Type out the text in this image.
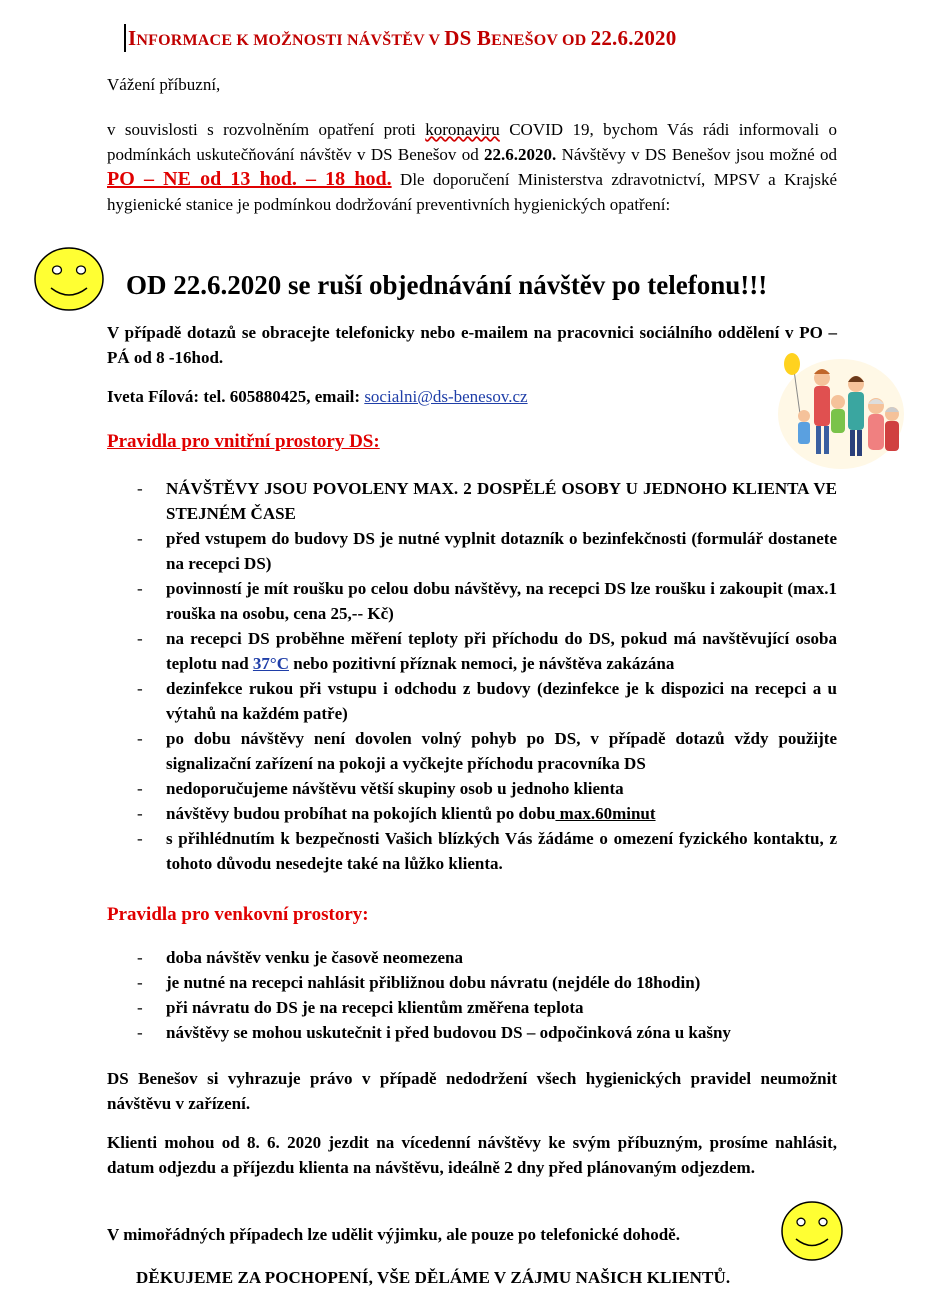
INFORMACE K MOŽNOSTI NÁVŠTĚV V DS BENEŠOV OD 22.6.2020
Vážení příbuzní,
v souvislosti s rozvolněním opatření proti koronaviru COVID 19, bychom Vás rádi informovali o podmínkách uskutečňování návštěv v DS Benešov od 22.6.2020. Návštěvy v DS Benešov jsou možné od PO – NE od 13 hod. – 18 hod. Dle doporučení Ministerstva zdravotnictví, MPSV a Krajské hygienické stanice je podmínkou dodržování preventivních hygienických opatření:
OD 22.6.2020 se ruší objednávání návštěv po telefonu!!!
V případě dotazů se obracejte telefonicky nebo e-mailem na pracovnici sociálního oddělení v PO – PÁ od 8 -16hod.
Iveta Fílová: tel. 605880425, email: socialni@ds-benesov.cz
Pravidla pro vnitřní prostory DS:
- NÁVŠTĚVY JSOU POVOLENY MAX. 2 DOSPĚLÉ OSOBY U JEDNOHO KLIENTA VE STEJNÉM ČASE
- před vstupem do budovy DS je nutné vyplnit dotazník o bezinfekčnosti (formulář dostanete na recepci DS)
- povinností je mít roušku po celou dobu návštěvy, na recepci DS lze roušku i zakoupit (max.1 rouška na osobu, cena 25,-- Kč)
- na recepci DS proběhne měření teploty při příchodu do DS, pokud má navštěvující osoba teplotu nad 37°C nebo pozitivní příznak nemoci, je návštěva zakázána
- dezinfekce rukou při vstupu i odchodu z budovy (dezinfekce je k dispozici na recepci a u výtahů na každém patře)
- po dobu návštěvy není dovolen volný pohyb po DS, v případě dotazů vždy použijte signalizační zařízení na pokoji a vyčkejte příchodu pracovníka DS
- nedoporučujeme návštěvu větší skupiny osob u jednoho klienta
- návštěvy budou probíhat na pokojích klientů po dobu max.60minut
- s přihlédnutím k bezpečnosti Vašich blízkých Vás žádáme o omezení fyzického kontaktu, z tohoto důvodu nesedejte také na lůžko klienta.
Pravidla pro venkovní prostory:
- doba návštěv venku je časově neomezena
- je nutné na recepci nahlásit přibližnou dobu návratu (nejdéle do 18hodin)
- při návratu do DS je na recepci klientům změřena teplota
- návštěvy se mohou uskutečnit i před budovou DS – odpočinková zóna u kašny
DS Benešov si vyhrazuje právo v případě nedodržení všech hygienických pravidel neumožnit návštěvu v zařízení.
Klienti mohou od 8. 6. 2020 jezdit na vícedenní návštěvy ke svým příbuzným, prosíme nahlásit, datum odjezdu a příjezdu klienta na návštěvu, ideálně 2 dny před plánovaným odjezdem.
V mimořádných případech lze udělit výjimku, ale pouze po telefonické dohodě.
DĚKUJEME ZA POCHOPENÍ, VŠE DĚLÁME V ZÁJMU NAŠICH KLIENTŮ.
